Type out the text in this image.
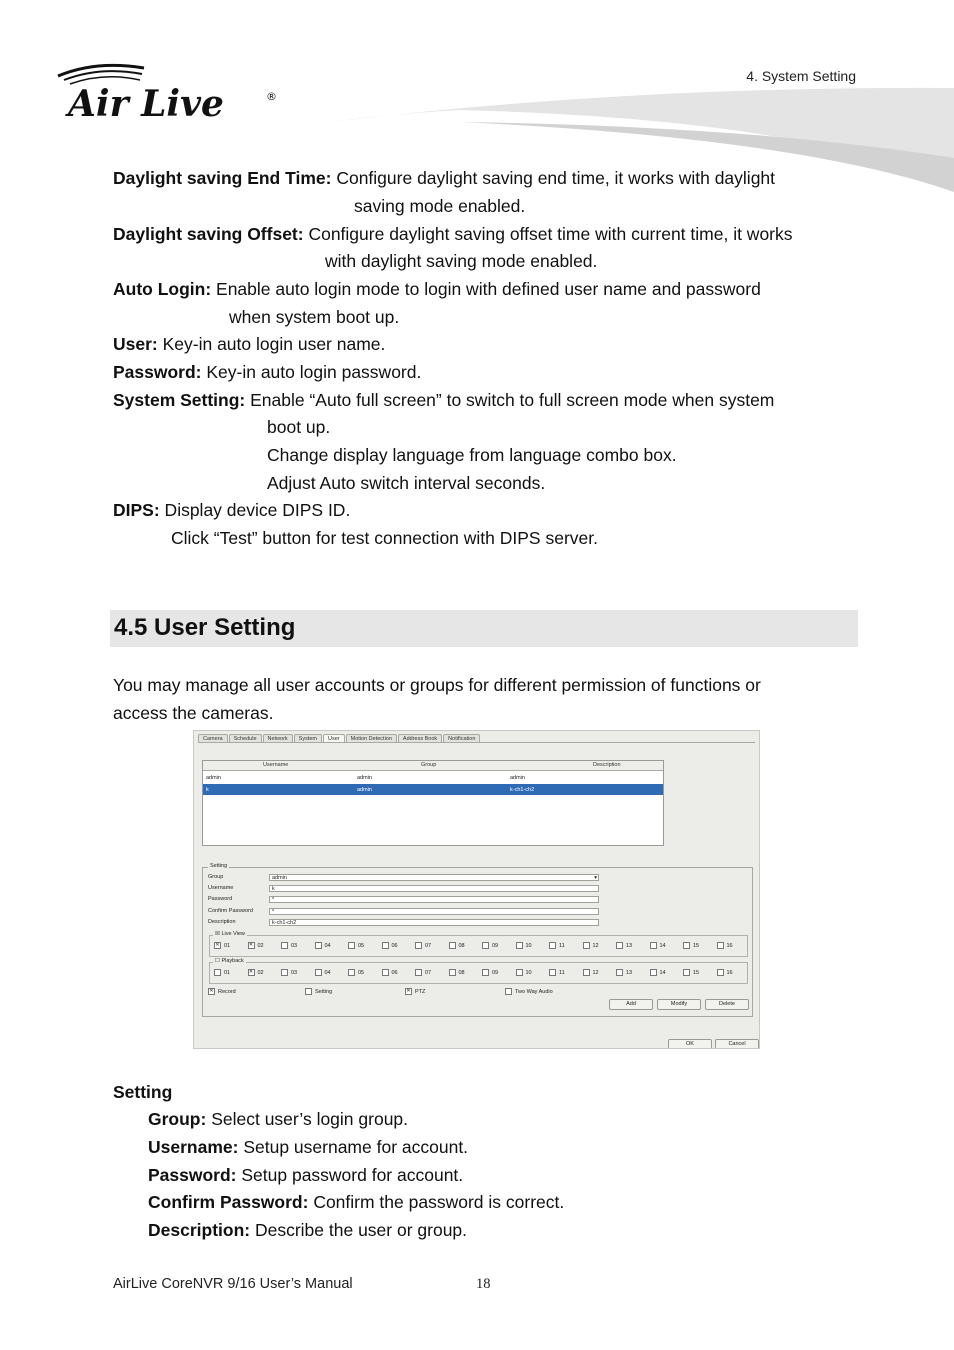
Air Live	®
4. System Setting
Daylight saving End Time: Configure daylight saving end time, it works with daylight
saving mode enabled.
Daylight saving Offset: Configure daylight saving offset time with current time, it works
with daylight saving mode enabled.
Auto Login: Enable auto login mode to login with defined user name and password
when system boot up.
User: Key-in auto login user name.
Password: Key-in auto login password.
System Setting: Enable “Auto full screen” to switch to full screen mode when system
boot up.
Change display language from language combo box.
Adjust Auto switch interval seconds.
DIPS: Display device DIPS ID.
Click “Test” button for test connection with DIPS server.
4.5 User Setting
You may manage all user accounts or groups for different permission of functions or
access the cameras.
Camera	Schedule	Network	System	User	Motion Detection	Address Book	Notification
Username	Group	Description
admin	admin	admin
k	admin	k-ch1-ch2
Setting
Group	admin	▾
Username	k
Password	*
Confirm Password	*
Description	k-ch1-ch2
☒ Live View
✕ 01	✕ 02	03	04	05	06	07	08	09	10	11	12	13	14	15	16
☐ Playback
01	✕ 02	03	04	05	06	07	08	09	10	11	12	13	14	15	16
✕ Record	Setting	✕ PTZ	Two Way Audio
Add	Modify	Delete
OK	Cancel
Setting
Group: Select user’s login group.
Username: Setup username for account.
Password: Setup password for account.
Confirm Password: Confirm the password is correct.
Description: Describe the user or group.
AirLive CoreNVR 9/16 User’s Manual	18
